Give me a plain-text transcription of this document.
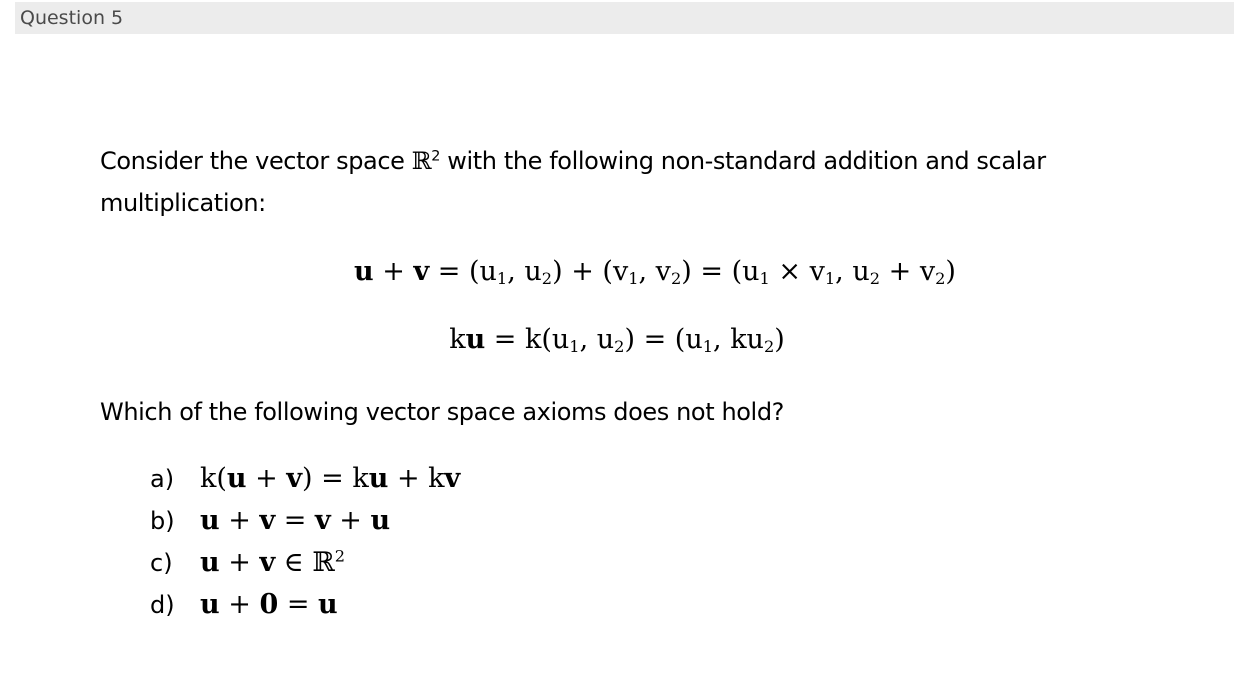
Question 5
Consider the vector space ℝ$^2$ with the following non-standard addition and scalar multiplication:
$u + v = (u_1$, $u_2) + (v_1$, $v_2) = (u_1 \times v_1$, $u_2 + v_2$)
ku = $k(u_1$, $u_2) = (u_1$, $ku_2$)
Which of the following vector space axioms does not hold?
a) k(u + v) = ku + kv
b) u + v = v + u
c)	u + v ∈ ℝ$^2$
d) u + 0 = u
